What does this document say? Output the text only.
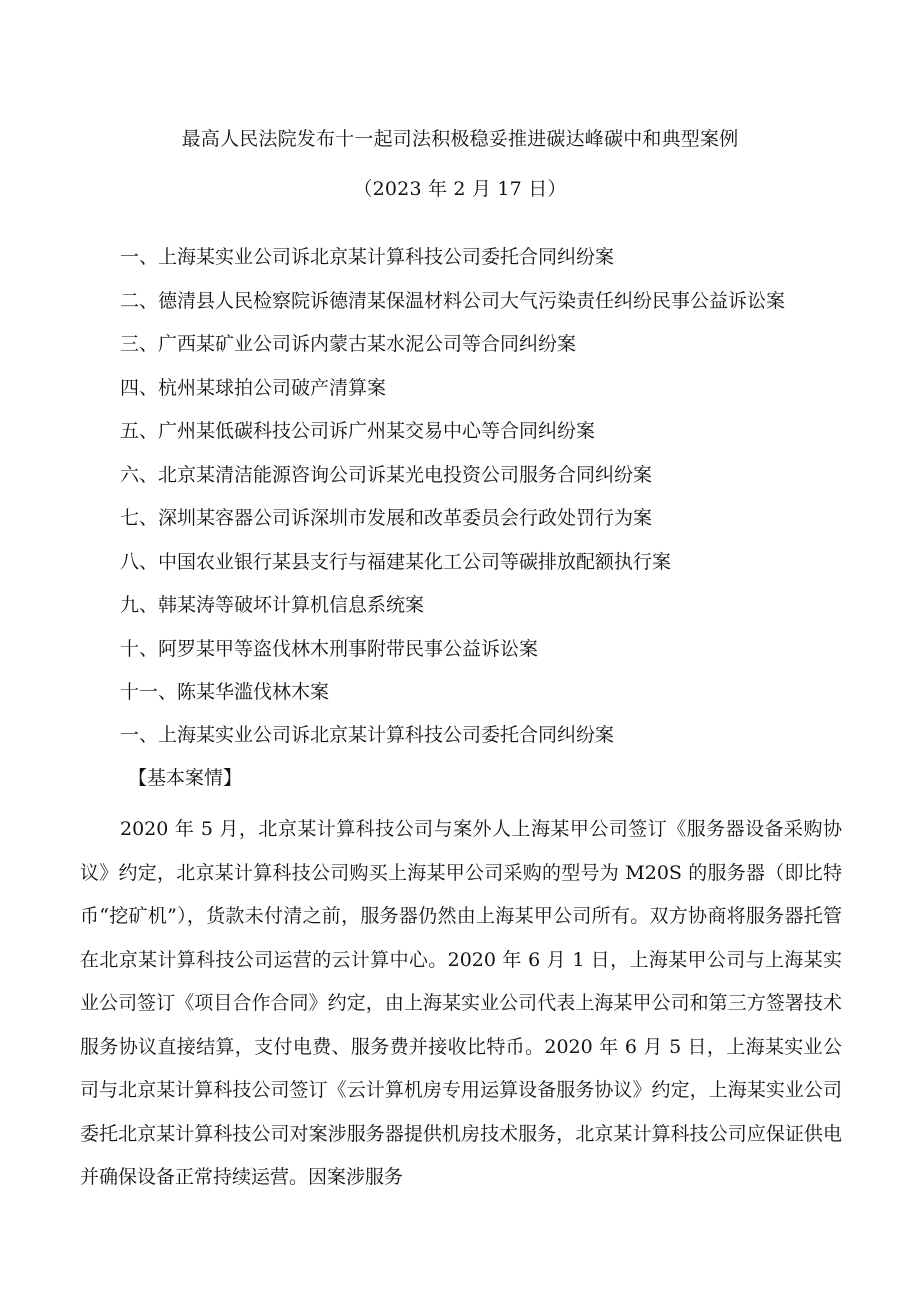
最高人民法院发布十一起司法积极稳妥推进碳达峰碳中和典型案例
（2023 年 2 月 17 日）
一、上海某实业公司诉北京某计算科技公司委托合同纠纷案
二、德清县人民检察院诉德清某保温材料公司大气污染责任纠纷民事公益诉讼案
三、广西某矿业公司诉内蒙古某水泥公司等合同纠纷案
四、杭州某球拍公司破产清算案
五、广州某低碳科技公司诉广州某交易中心等合同纠纷案
六、北京某清洁能源咨询公司诉某光电投资公司服务合同纠纷案
七、深圳某容器公司诉深圳市发展和改革委员会行政处罚行为案
八、中国农业银行某县支行与福建某化工公司等碳排放配额执行案
九、韩某涛等破坏计算机信息系统案
十、阿罗某甲等盗伐林木刑事附带民事公益诉讼案
十一、陈某华滥伐林木案
一、上海某实业公司诉北京某计算科技公司委托合同纠纷案
【基本案情】

2020 年 5 月，北京某计算科技公司与案外人上海某甲公司签订《服务器设备采购协议》约定，北京某计算科技公司购买上海某甲公司采购的型号为 M20S 的服务器（即比特币“挖矿机”），货款未付清之前，服务器仍然由上海某甲公司所有。双方协商将服务器托管在北京某计算科技公司运营的云计算中心。2020 年 6 月 1 日，上海某甲公司与上海某实业公司签订《项目合作合同》约定，由上海某实业公司代表上海某甲公司和第三方签署技术服务协议直接结算，支付电费、服务费并接收比特币。2020 年 6 月 5 日，上海某实业公司与北京某计算科技公司签订《云计算机房专用运算设备服务协议》约定，上海某实业公司委托北京某计算科技公司对案涉服务器提供机房技术服务，北京某计算科技公司应保证供电并确保设备正常持续运营。因案涉服务
